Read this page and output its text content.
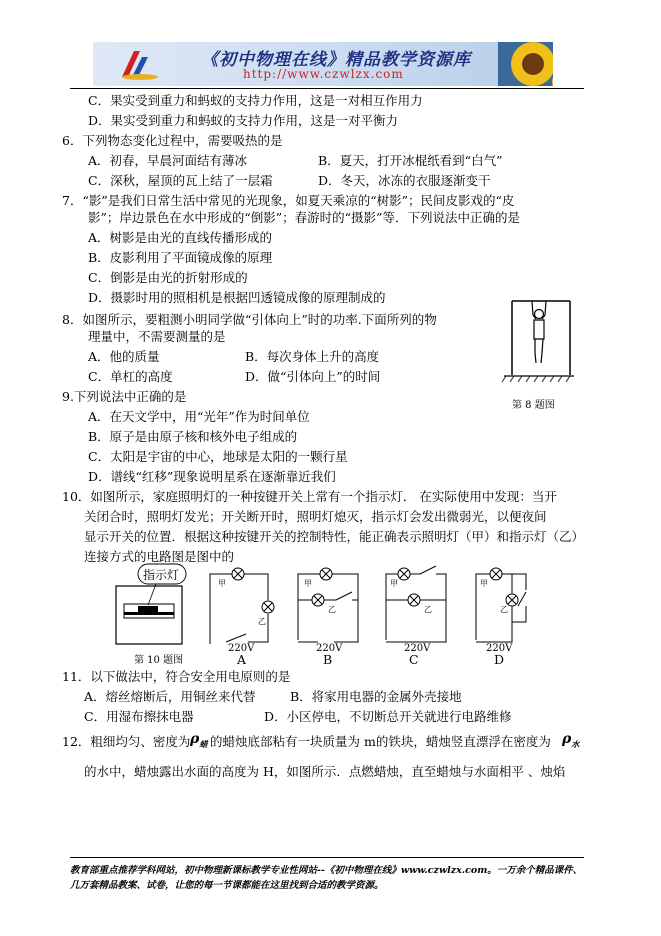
《初中物理在线》精品教学资源库
http://www.czwlzx.com
C．果实受到重力和蚂蚁的支持力作用，这是一对相互作用力
D．果实受到重力和蚂蚁的支持力作用，这是一对平衡力
6．下列物态变化过程中，需要吸热的是
A．初春，早晨河面结有薄冰	B．夏天，打开冰棍纸看到“白气”
C．深秋，屋顶的瓦上结了一层霜	D．冬天，冰冻的衣服逐渐变干
7．“影”是我们日常生活中常见的光现象，如夏天乘凉的“树影”；民间皮影戏的“皮
影”；岸边景色在水中形成的“倒影”；春游时的“摄影”等．下列说法中正确的是
A．树影是由光的直线传播形成的
B．皮影利用了平面镜成像的原理
C．倒影是由光的折射形成的
D．摄影时用的照相机是根据凹透镜成像的原理制成的
8．如图所示，要粗测小明同学做“引体向上”时的功率.下面所列的物
理量中，不需要测量的是
A．他的质量	B．每次身体上升的高度
C．单杠的高度	D．做“引体向上”的时间
9.下列说法中正确的是
A．在天文学中，用“光年”作为时间单位
B．原子是由原子核和核外电子组成的
C．太阳是宇宙的中心，地球是太阳的一颗行星
D．谱线“红移”现象说明星系在逐渐靠近我们
10．如图所示，家庭照明灯的一种按键开关上常有一个指示灯． 在实际使用中发现：当开
关闭合时，照明灯发光；开关断开时，照明灯熄灭，指示灯会发出微弱光，以便夜间
显示开关的位置．根据这种按键开关的控制特性，能正确表示照明灯（甲）和指示灯（乙）
连接方式的电路图是图中的
第 8 题图
甲
乙
甲
乙
甲
乙
甲
乙
指示灯
220V	220V	220V	220V
第 10 题图	A	B	C	D
11．以下做法中，符合安全用电原则的是
A．熔丝熔断后，用铜丝来代替	B．将家用电器的金属外壳接地
C．用湿布擦抹电器	D．小区停电，不切断总开关就进行电路维修
12．粗细均匀、密度为 $\rho_蜡$ 的蜡烛底部粘有一块质量为 m的铁块，蜡烛竖直漂浮在密度为 $\rho_水$
的水中，蜡烛露出水面的高度为 H，如图所示．点燃蜡烛，直至蜡烛与水面相平 、烛焰
教育部重点推荐学科网站，初中物理新课标教学专业性网站--《初中物理在线》www.czwlzx.com。一万余个精品课件、
几万套精品教案、试卷，让您的每一节课都能在这里找到合适的教学资源。
